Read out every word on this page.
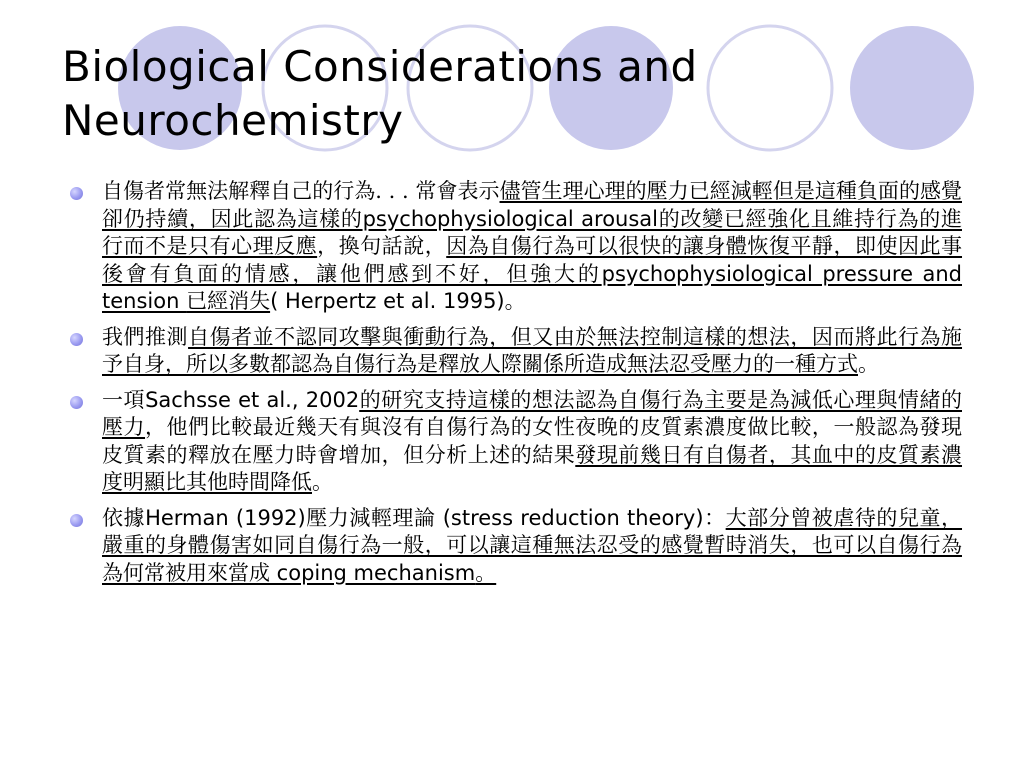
Biological Considerations and Neurochemistry
自傷者常無法解釋自己的行為. . . 常會表示儘管生理心理的壓力已經減輕但是這種負面的感覺卻仍持續，因此認為這樣的psychophysiological arousal的改變已經強化且維持行為的進行而不是只有心理反應，換句話說，因為自傷行為可以很快的讓身體恢復平靜，即使因此事後會有負面的情感，讓他們感到不好，但強大的psychophysiological pressure and tension 已經消失( Herpertz et al. 1995)。
我們推測自傷者並不認同攻擊與衝動行為，但又由於無法控制這樣的想法，因而將此行為施予自身，所以多數都認為自傷行為是釋放人際關係所造成無法忍受壓力的一種方式。
一項Sachsse et al., 2002的研究支持這樣的想法認為自傷行為主要是為減低心理與情緒的壓力，他們比較最近幾天有與沒有自傷行為的女性夜晚的皮質素濃度做比較，一般認為發現皮質素的釋放在壓力時會增加，但分析上述的結果發現前幾日有自傷者，其血中的皮質素濃度明顯比其他時間降低。
依據Herman (1992)壓力減輕理論 (stress reduction theory)：大部分曾被虐待的兒童，嚴重的身體傷害如同自傷行為一般，可以讓這種無法忍受的感覺暫時消失，也可以自傷行為為何常被用來當成 coping mechanism。
